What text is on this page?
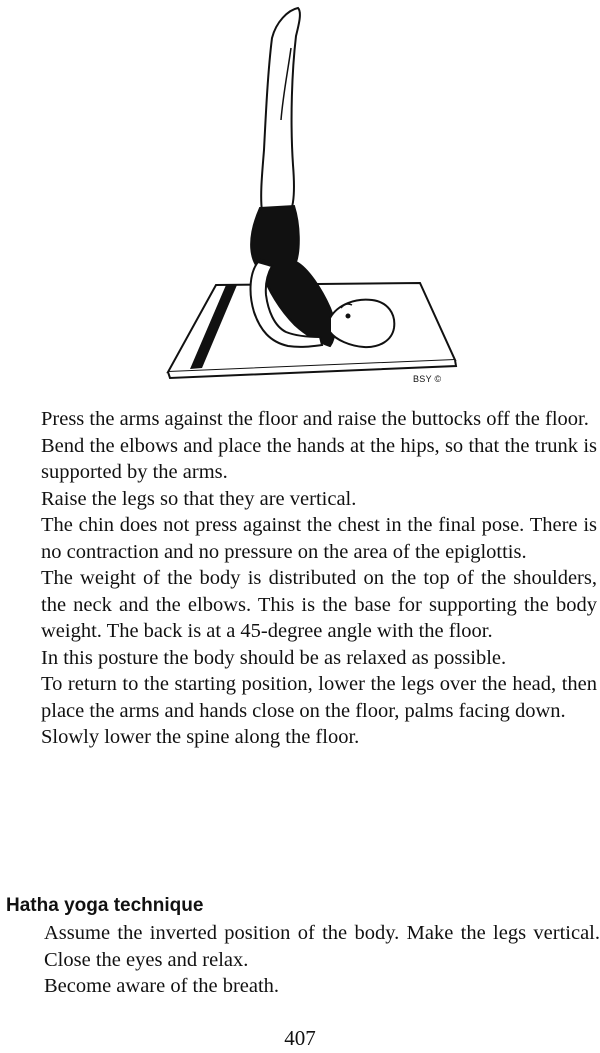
BSY ©

Press the arms against the floor and raise the buttocks off the floor.

Bend the elbows and place the hands at the hips, so that the trunk is supported by the arms.

Raise the legs so that they are vertical.

The chin does not press against the chest in the final pose. There is no contraction and no pressure on the area of the epiglottis.

The weight of the body is distributed on the top of the shoulders, the neck and the elbows. This is the base for supporting the body weight. The back is at a 45-degree angle with the floor.

In this posture the body should be as relaxed as possible.

To return to the starting position, lower the legs over the head, then place the arms and hands close on the floor, palms facing down.

Slowly lower the spine along the floor.

Hatha yoga technique

Assume the inverted position of the body. Make the legs vertical. Close the eyes and relax.

Become aware of the breath.

407
